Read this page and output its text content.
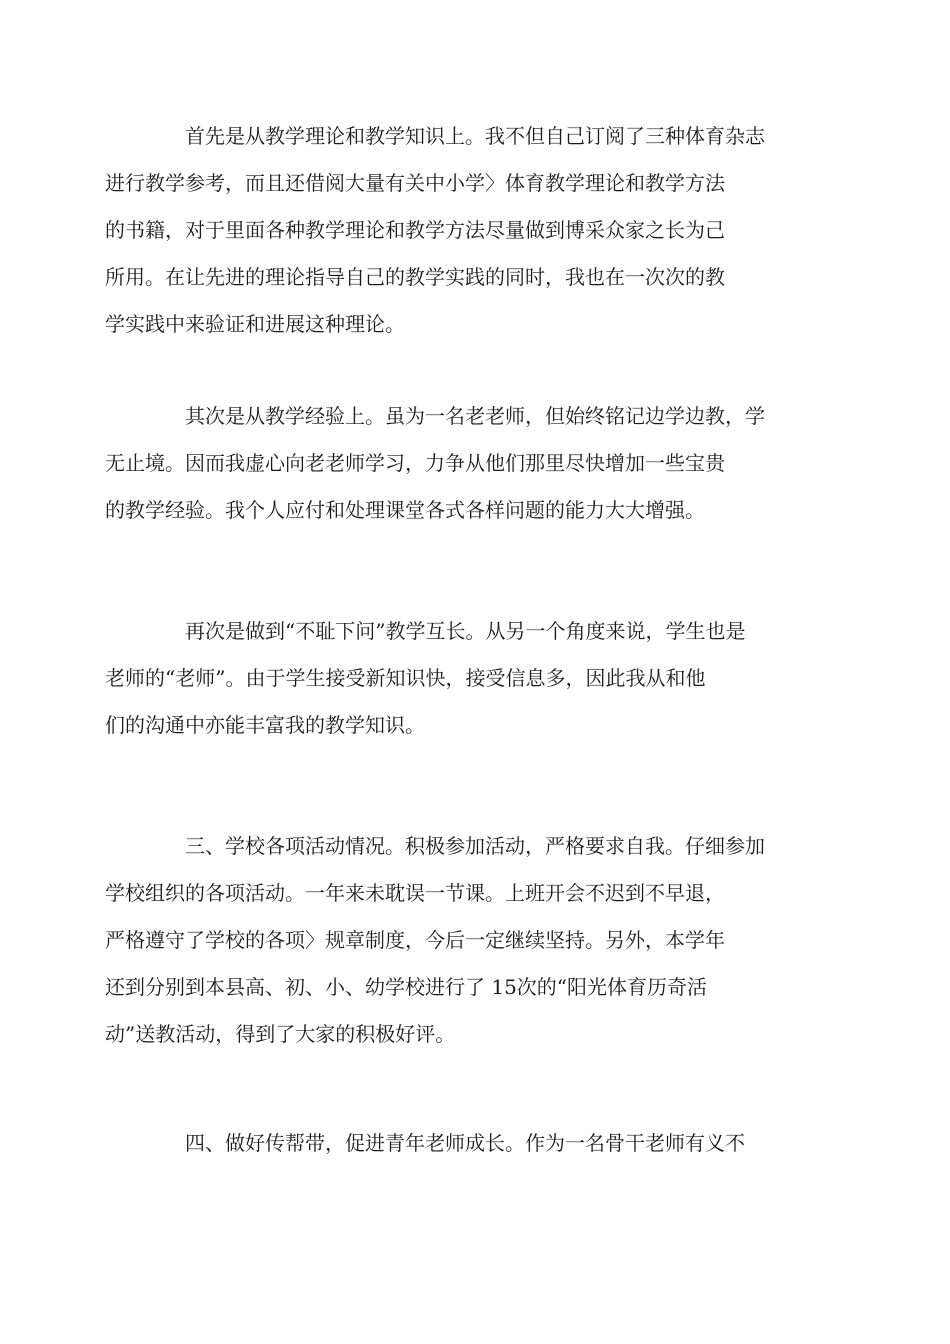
首先是从教学理论和教学知识上。我不但自己订阅了三种体育杂志
进行教学参考，而且还借阅大量有关中小学〉体育教学理论和教学方法
的书籍，对于里面各种教学理论和教学方法尽量做到博采众家之长为己
所用。在让先进的理论指导自己的教学实践的同时，我也在一次次的教
学实践中来验证和进展这种理论。
其次是从教学经验上。虽为一名老老师，但始终铭记边学边教，学
无止境。因而我虚心向老老师学习，力争从他们那里尽快增加一些宝贵
的教学经验。我个人应付和处理课堂各式各样问题的能力大大增强。
再次是做到“不耻下问”教学互长。从另一个角度来说，学生也是
老师的“老师”。由于学生接受新知识快，接受信息多，因此我从和他
们的沟通中亦能丰富我的教学知识。
三、学校各项活动情况。积极参加活动，严格要求自我。仔细参加
学校组织的各项活动。一年来未耽误一节课。上班开会不迟到不早退，
严格遵守了学校的各项〉规章制度，今后一定继续坚持。另外，本学年
还到分别到本县高、初、小、幼学校进行了 15次的“阳光体育历奇活
动”送教活动，得到了大家的积极好评。
四、做好传帮带，促进青年老师成长。作为一名骨干老师有义不
